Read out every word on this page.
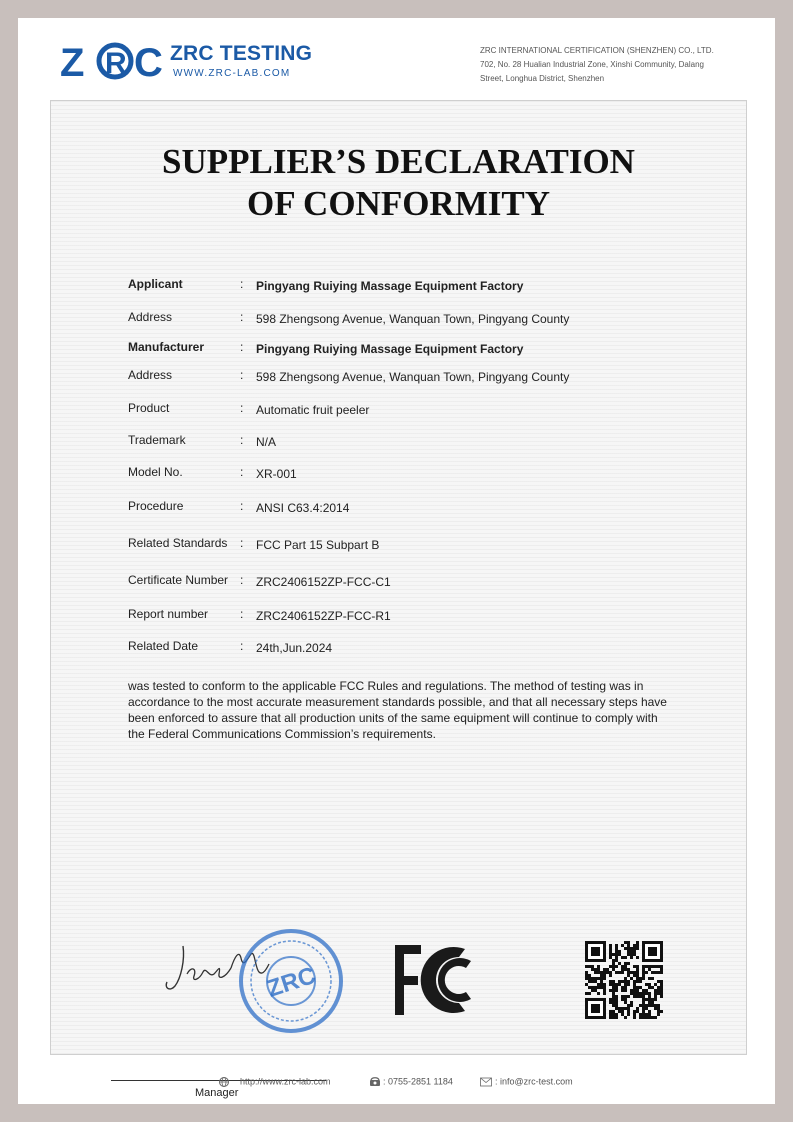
Z R C ZRC TESTING
WWW.ZRC-LAB.COM
ZRC INTERNATIONAL CERTIFICATION (SHENZHEN) CO., LTD.
702, No. 28 Hualian Industrial Zone, Xinshi Community, Dalang
Street, Longhua District, Shenzhen
SUPPLIER’S DECLARATION
OF CONFORMITY
Applicant	: Pingyang Ruiying Massage Equipment Factory
Address	: 598 Zhengsong Avenue, Wanquan Town, Pingyang County
Manufacturer	: Pingyang Ruiying Massage Equipment Factory
Address	: 598 Zhengsong Avenue, Wanquan Town, Pingyang County
Product	: Automatic fruit peeler
Trademark	: N/A
Model No.	: XR-001
Procedure	: ANSI C63.4:2014
Related Standards : FCC Part 15 Subpart B
Certificate Number : ZRC2406152ZP-FCC-C1
Report number	: ZRC2406152ZP-FCC-R1
Related Date	: 24th,Jun.2024
was tested to conform to the applicable FCC Rules and regulations. The method of testing was in accordance to the most accurate measurement standards possible, and that all necessary steps have been enforced to assure that all production units of the same equipment will continue to comply with the Federal Communications Commission’s requirements.
ZRC
Manager
http://www.zrc-lab.com	: 0755-2851 1184	: info@zrc-test.com
